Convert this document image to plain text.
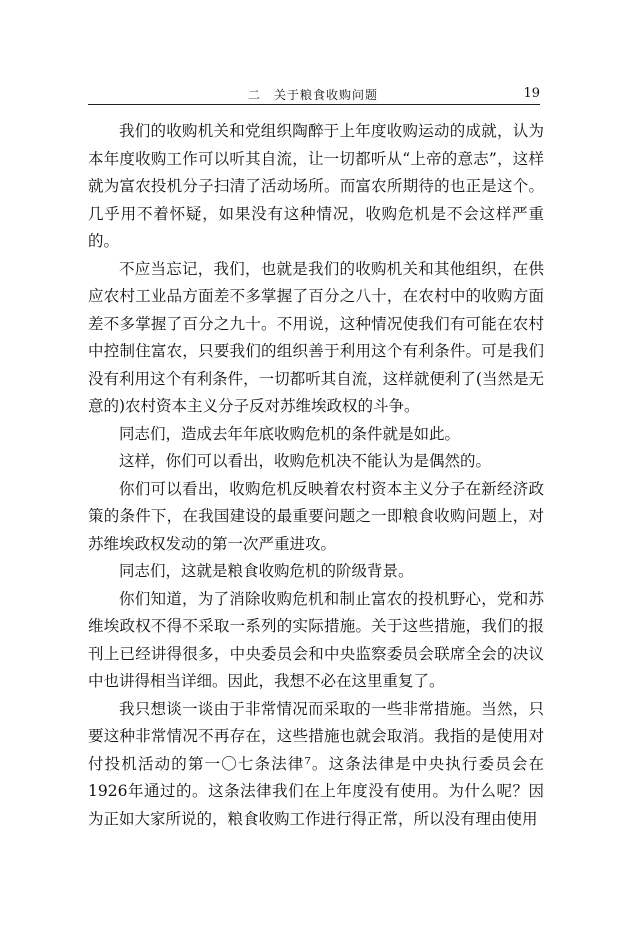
二　关于粮食收购问题	19

我们的收购机关和党组织陶醉于上年度收购运动的成就，认为本年度收购工作可以听其自流，让一切都听从“上帝的意志”，这样就为富农投机分子扫清了活动场所。而富农所期待的也正是这个。几乎用不着怀疑，如果没有这种情况，收购危机是不会这样严重的。

不应当忘记，我们，也就是我们的收购机关和其他组织，在供应农村工业品方面差不多掌握了百分之八十，在农村中的收购方面差不多掌握了百分之九十。不用说，这种情况使我们有可能在农村中控制住富农，只要我们的组织善于利用这个有利条件。可是我们没有利用这个有利条件，一切都听其自流，这样就便利了(当然是无意的)农村资本主义分子反对苏维埃政权的斗争。

同志们，造成去年年底收购危机的条件就是如此。

这样，你们可以看出，收购危机决不能认为是偶然的。

你们可以看出，收购危机反映着农村资本主义分子在新经济政策的条件下，在我国建设的最重要问题之一即粮食收购问题上，对苏维埃政权发动的第一次严重进攻。

同志们，这就是粮食收购危机的阶级背景。

你们知道，为了消除收购危机和制止富农的投机野心，党和苏维埃政权不得不采取一系列的实际措施。关于这些措施，我们的报刊上已经讲得很多，中央委员会和中央监察委员会联席全会的决议中也讲得相当详细。因此，我想不必在这里重复了。

我只想谈一谈由于非常情况而采取的一些非常措施。当然，只要这种非常情况不再存在，这些措施也就会取消。我指的是使用对付投机活动的第一〇七条法律⁷。这条法律是中央执行委员会在1926年通过的。这条法律我们在上年度没有使用。为什么呢？因为正如大家所说的，粮食收购工作进行得正常，所以没有理由使用
